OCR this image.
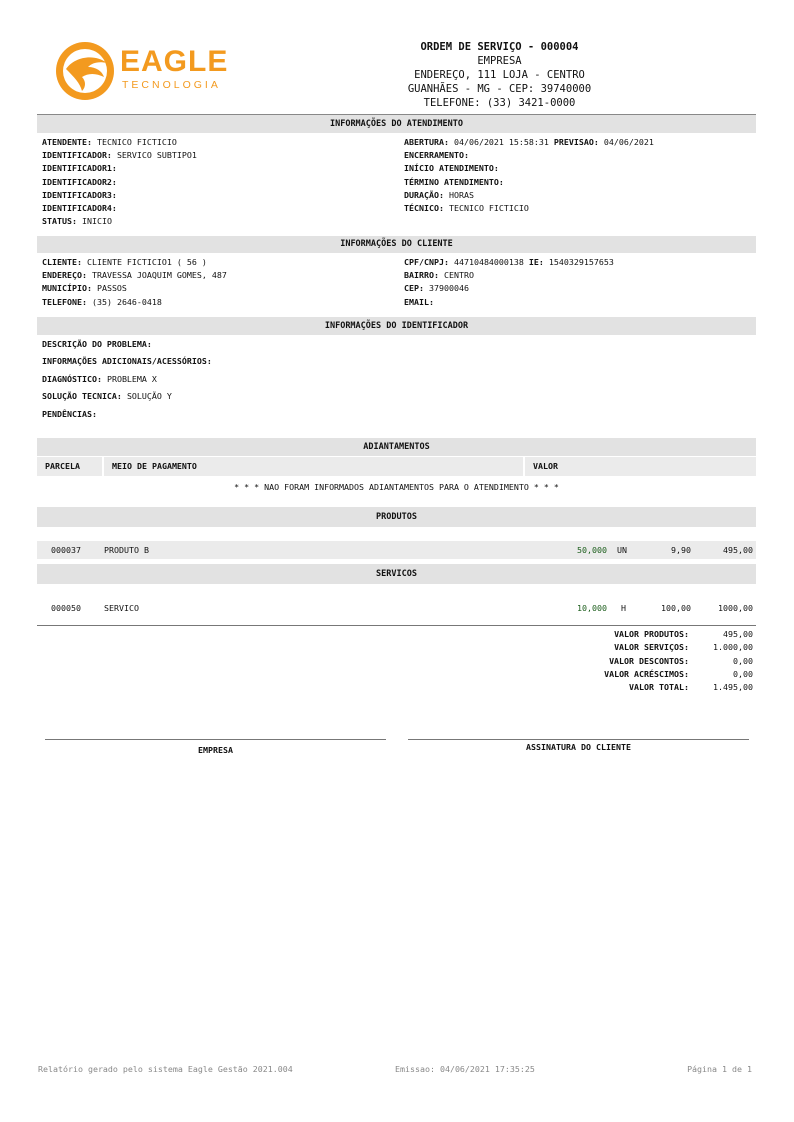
EAGLE
TECNOLOGIA
ORDEM DE SERVIÇO - 000004
EMPRESA
ENDEREÇO, 111 LOJA - CENTRO
GUANHÃES - MG - CEP: 39740000
TELEFONE: (33) 3421-0000
INFORMAÇÕES DO ATENDIMENTO
ATENDENTE: TECNICO FICTICIO
IDENTIFICADOR: SERVICO SUBTIPO1
IDENTIFICADOR1:
IDENTIFICADOR2:
IDENTIFICADOR3:
IDENTIFICADOR4:
STATUS: INICIO
ABERTURA: 04/06/2021 15:58:31 PREVISAO: 04/06/2021
ENCERRAMENTO:
INÍCIO ATENDIMENTO:
TÉRMINO ATENDIMENTO:
DURAÇÃO: HORAS
TÉCNICO: TECNICO FICTICIO
INFORMAÇÕES DO CLIENTE
CLIENTE: CLIENTE FICTICIO1 ( 56 )
ENDEREÇO: TRAVESSA JOAQUIM GOMES, 487
MUNICÍPIO: PASSOS
TELEFONE: (35) 2646-0418
CPF/CNPJ: 44710484000138 IE: 1540329157653
BAIRRO: CENTRO
CEP: 37900046
EMAIL:
INFORMAÇÕES DO IDENTIFICADOR
DESCRIÇÃO DO PROBLEMA:
INFORMAÇÕES ADICIONAIS/ACESSÓRIOS:
DIAGNÓSTICO: PROBLEMA X
SOLUÇÃO TECNICA: SOLUÇÃO Y
PENDÊNCIAS:
ADIANTAMENTOS
PARCELA	MEIO DE PAGAMENTO	VALOR
* * * NAO FORAM INFORMADOS ADIANTAMENTOS PARA O ATENDIMENTO * * *
PRODUTOS
000037	PRODUTO B	50,000 UN	9,90	495,00
SERVICOS
000050	SERVICO	10,000 H	100,00	1000,00
VALOR PRODUTOS:	495,00
VALOR SERVIÇOS:	1.000,00
VALOR DESCONTOS:	0,00
VALOR ACRÉSCIMOS:	0,00
VALOR TOTAL:	1.495,00
EMPRESA	ASSINATURA DO CLIENTE
Relatório gerado pelo sistema Eagle Gestão 2021.004	Emissao: 04/06/2021 17:35:25	Página 1 de 1
